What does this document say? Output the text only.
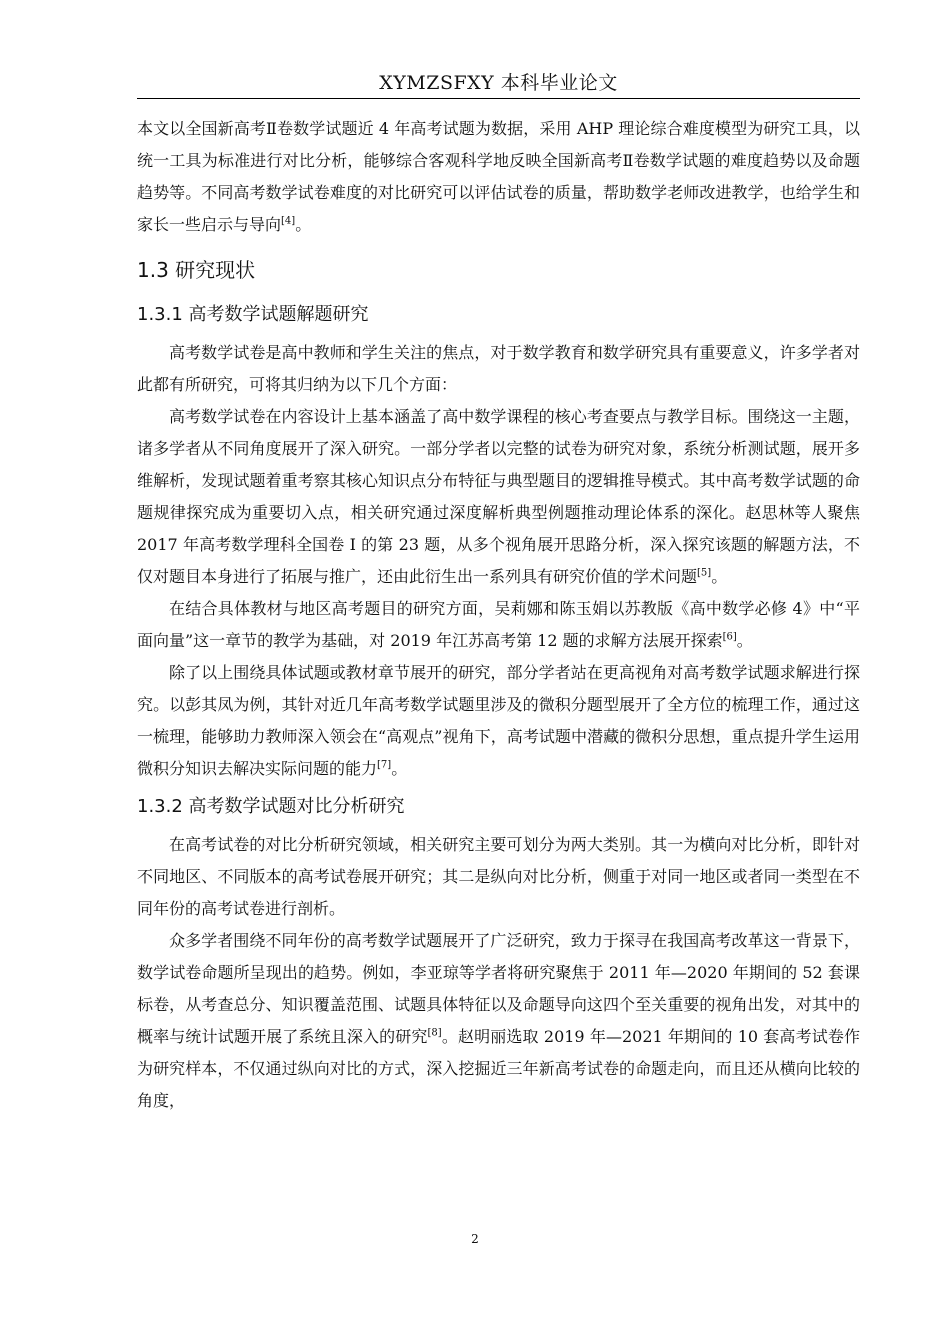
XYMZSFXY 本科毕业论文

本文以全国新高考Ⅱ卷数学试题近 4 年高考试题为数据，采用 AHP 理论综合难度模型为研究工具，以统一工具为标准进行对比分析，能够综合客观科学地反映全国新高考Ⅱ卷数学试题的难度趋势以及命题趋势等。不同高考数学试卷难度的对比研究可以评估试卷的质量，帮助数学老师改进教学，也给学生和家长一些启示与导向[4]。

1.3 研究现状
1.3.1 高考数学试题解题研究

高考数学试卷是高中教师和学生关注的焦点，对于数学教育和数学研究具有重要意义，许多学者对此都有所研究，可将其归纳为以下几个方面：

高考数学试卷在内容设计上基本涵盖了高中数学课程的核心考查要点与教学目标。围绕这一主题，诸多学者从不同角度展开了深入研究。一部分学者以完整的试卷为研究对象，系统分析测试题，展开多维解析，发现试题着重考察其核心知识点分布特征与典型题目的逻辑推导模式。其中高考数学试题的命题规律探究成为重要切入点，相关研究通过深度解析典型例题推动理论体系的深化。赵思林等人聚焦 2017 年高考数学理科全国卷 I 的第 23 题，从多个视角展开思路分析，深入探究该题的解题方法，不仅对题目本身进行了拓展与推广，还由此衍生出一系列具有研究价值的学术问题[5]。

在结合具体教材与地区高考题目的研究方面，吴莉娜和陈玉娟以苏教版《高中数学必修 4》中“平面向量”这一章节的教学为基础，对 2019 年江苏高考第 12 题的求解方法展开探索[6]。

除了以上围绕具体试题或教材章节展开的研究，部分学者站在更高视角对高考数学试题求解进行探究。以彭其凤为例，其针对近几年高考数学试题里涉及的微积分题型展开了全方位的梳理工作，通过这一梳理，能够助力教师深入领会在“高观点”视角下，高考试题中潜藏的微积分思想，重点提升学生运用微积分知识去解决实际问题的能力[7]。

1.3.2 高考数学试题对比分析研究

在高考试卷的对比分析研究领域，相关研究主要可划分为两大类别。其一为横向对比分析，即针对不同地区、不同版本的高考试卷展开研究；其二是纵向对比分析，侧重于对同一地区或者同一类型在不同年份的高考试卷进行剖析。

众多学者围绕不同年份的高考数学试题展开了广泛研究，致力于探寻在我国高考改革这一背景下，数学试卷命题所呈现出的趋势。例如，李亚琼等学者将研究聚焦于 2011 年—2020 年期间的 52 套课标卷，从考查总分、知识覆盖范围、试题具体特征以及命题导向这四个至关重要的视角出发，对其中的概率与统计试题开展了系统且深入的研究[8]。赵明丽选取 2019 年—2021 年期间的 10 套高考试卷作为研究样本，不仅通过纵向对比的方式，深入挖掘近三年新高考试卷的命题走向，而且还从横向比较的角度，

2
